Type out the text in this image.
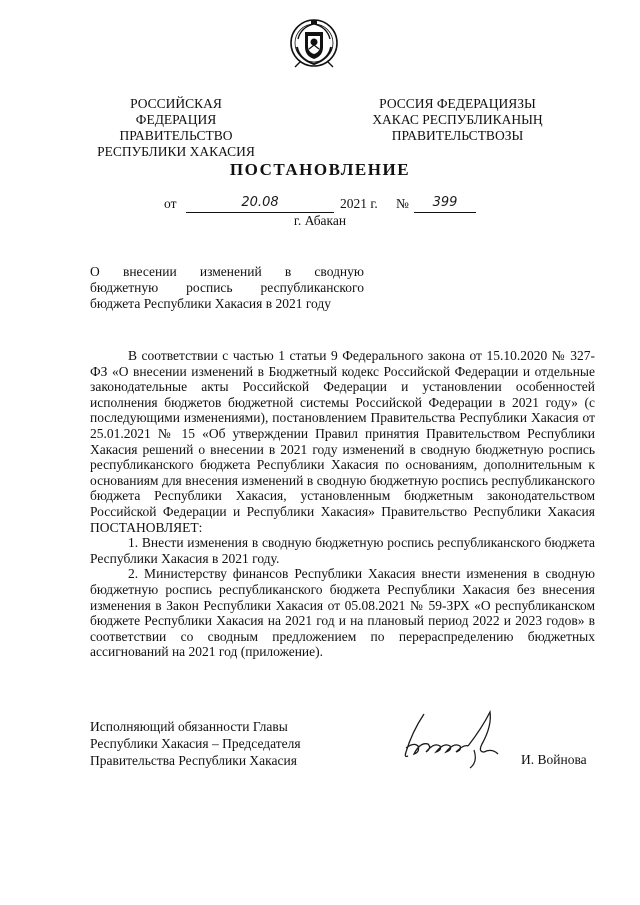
РОССИЙСКАЯ ФЕДЕРАЦИЯ
ПРАВИТЕЛЬСТВО
РЕСПУБЛИКИ ХАКАСИЯ
РОССИЯ ФЕДЕРАЦИЯЗЫ
ХАКАС РЕСПУБЛИКАНЫҢ
ПРАВИТЕЛЬСТВОЗЫ
ПОСТАНОВЛЕНИЕ
от	20.08	2021 г. №	399
г. Абакан
О внесении изменений в сводную
бюджетную роспись республиканского
бюджета Республики Хакасия в 2021 году

В соответствии с частью 1 статьи 9 Федерального закона от 15.10.2020 № 327-ФЗ «О внесении изменений в Бюджетный кодекс Российской Федерации и отдельные законодательные акты Российской Федерации и установлении особенностей исполнения бюджетов бюджетной системы Российской Федерации в 2021 году» (с последующими изменениями), постановлением Правительства Республики Хакасия от 25.01.2021 № 15 «Об утверждении Правил принятия Правительством Республики Хакасия решений о внесении в 2021 году изменений в сводную бюджетную роспись республиканского бюджета Республики Хакасия по основаниям, дополнительным к основаниям для внесения изменений в сводную бюджетную роспись республиканского бюджета Республики Хакасия, установленным бюджетным законодательством Российской Федерации и Республики Хакасия» Правительство Республики Хакасия ПОСТАНОВЛЯЕТ:

1. Внести изменения в сводную бюджетную роспись республиканского бюджета Республики Хакасия в 2021 году.

2. Министерству финансов Республики Хакасия внести изменения в сводную бюджетную роспись республиканского бюджета Республики Хакасия без внесения изменения в Закон Республики Хакасия от 05.08.2021 № 59-ЗРХ «О республиканском бюджете Республики Хакасия на 2021 год и на плановый период 2022 и 2023 годов» в соответствии со сводным предложением по перераспределению бюджетных ассигнований на 2021 год (приложение).

Исполняющий обязанности Главы
Республики Хакасия – Председателя
Правительства Республики Хакасия	И. Войнова
